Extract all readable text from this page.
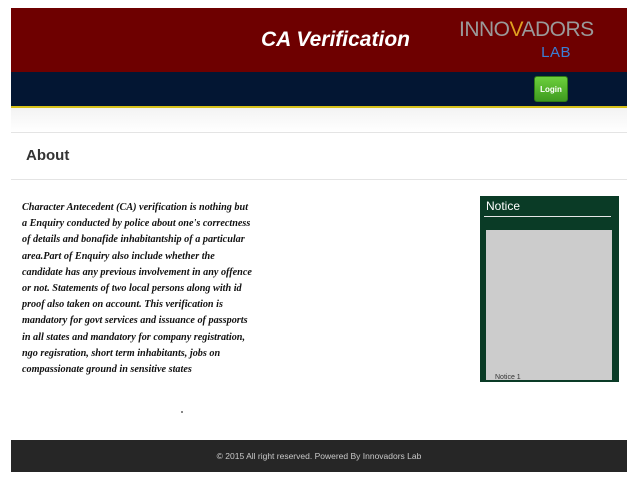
CA Verification INNOVADORS
LAB
Login
About
Character Antecedent (CA) verification is nothing but a Enquiry conducted by police about one's correctness of details and bonafide inhabitantship of a particular area.Part of Enquiry also include whether the candidate has any previous involvement in any offence or not. Statements of two local persons along with id proof also taken on account. This verification is mandatory for govt services and issuance of passports in all states and mandatory for company registration, ngo regisration, short term inhabitants, jobs on compassionate ground in sensitive states
Notice
Notice 1
© 2015 All right reserved. Powered By Innovadors Lab
